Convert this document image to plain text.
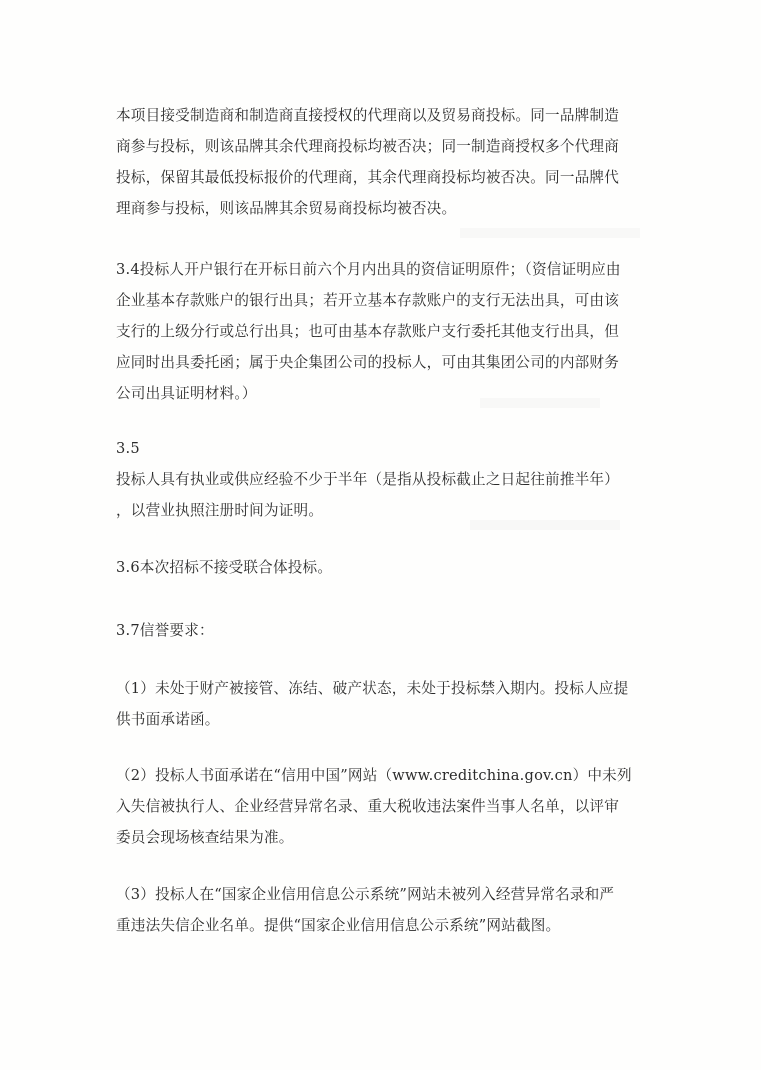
本项目接受制造商和制造商直接授权的代理商以及贸易商投标。同一品牌制造
商参与投标，则该品牌其余代理商投标均被否决；同一制造商授权多个代理商
投标，保留其最低投标报价的代理商，其余代理商投标均被否决。同一品牌代
理商参与投标，则该品牌其余贸易商投标均被否决。
3.4投标人开户银行在开标日前六个月内出具的资信证明原件；（资信证明应由
企业基本存款账户的银行出具；若开立基本存款账户的支行无法出具，可由该
支行的上级分行或总行出具；也可由基本存款账户支行委托其他支行出具，但
应同时出具委托函；属于央企集团公司的投标人，可由其集团公司的内部财务
公司出具证明材料。）
3.5
投标人具有执业或供应经验不少于半年（是指从投标截止之日起往前推半年）
，以营业执照注册时间为证明。
3.6本次招标不接受联合体投标。
3.7信誉要求：
（1）未处于财产被接管、冻结、破产状态，未处于投标禁入期内。投标人应提
供书面承诺函。
（2）投标人书面承诺在“信用中国”网站（www.creditchina.gov.cn）中未列
入失信被执行人、企业经营异常名录、重大税收违法案件当事人名单，以评审
委员会现场核查结果为准。
（3）投标人在“国家企业信用信息公示系统”网站未被列入经营异常名录和严
重违法失信企业名单。提供“国家企业信用信息公示系统”网站截图。
